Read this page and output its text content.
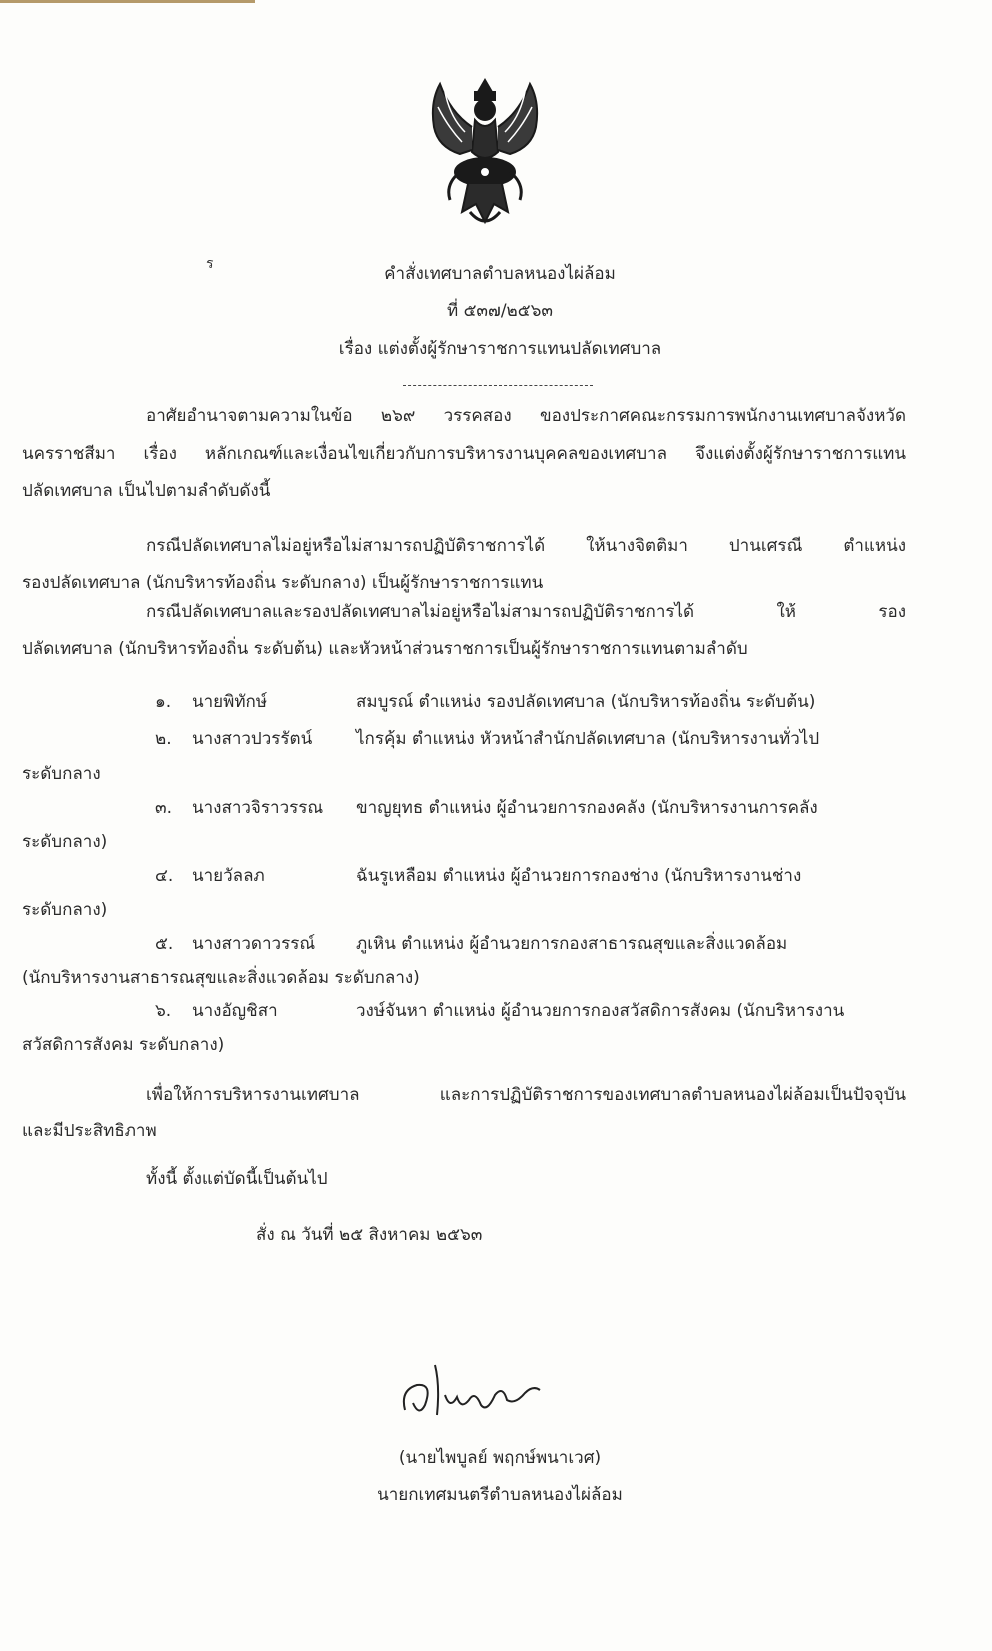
ร	คำสั่งเทศบาลตำบลหนองไผ่ล้อม
ที่ ๕๓๗/๒๕๖๓
เรื่อง แต่งตั้งผู้รักษาราชการแทนปลัดเทศบาล
อาศัยอำนาจตามความในข้อ ๒๖๙ วรรคสอง ของประกาศคณะกรรมการพนักงานเทศบาลจังหวัด
นครราชสีมา เรื่อง หลักเกณฑ์และเงื่อนไขเกี่ยวกับการบริหารงานบุคคลของเทศบาล จึงแต่งตั้งผู้รักษาราชการแทน
ปลัดเทศบาล เป็นไปตามลำดับดังนี้
กรณีปลัดเทศบาลไม่อยู่หรือไม่สามารถปฏิบัติราชการได้ ให้นางจิตติมา ปานเศรณี ตำแหน่ง
รองปลัดเทศบาล (นักบริหารท้องถิ่น ระดับกลาง) เป็นผู้รักษาราชการแทน
กรณีปลัดเทศบาลและรองปลัดเทศบาลไม่อยู่หรือไม่สามารถปฏิบัติราชการได้ ให้ รอง
ปลัดเทศบาล (นักบริหารท้องถิ่น ระดับต้น) และหัวหน้าส่วนราชการเป็นผู้รักษาราชการแทนตามลำดับ
๑. นายพิทักษ์	สมบูรณ์ ตำแหน่ง รองปลัดเทศบาล (นักบริหารท้องถิ่น ระดับต้น)
๒. นางสาวปวรรัตน์	ไกรคุ้ม ตำแหน่ง หัวหน้าสำนักปลัดเทศบาล (นักบริหารงานทั่วไป
ระดับกลาง
๓. นางสาวจิราวรรณ ขาญยุทธ ตำแหน่ง ผู้อำนวยการกองคลัง (นักบริหารงานการคลัง
ระดับกลาง)
๔. นายวัลลภ	ฉันรูเหลือม ตำแหน่ง ผู้อำนวยการกองช่าง (นักบริหารงานช่าง
ระดับกลาง)
๕. นางสาวดาวรรณ์ ภูเหิน ตำแหน่ง ผู้อำนวยการกองสาธารณสุขและสิ่งแวดล้อม
(นักบริหารงานสาธารณสุขและสิ่งแวดล้อม ระดับกลาง)
๖. นางอัญชิสา	วงษ์จันหา ตำแหน่ง ผู้อำนวยการกองสวัสดิการสังคม (นักบริหารงาน
สวัสดิการสังคม ระดับกลาง)
เพื่อให้การบริหารงานเทศบาล และการปฏิบัติราชการของเทศบาลตำบลหนองไผ่ล้อมเป็นปัจจุบัน
และมีประสิทธิภาพ
ทั้งนี้ ตั้งแต่บัดนี้เป็นต้นไป
สั่ง ณ วันที่ ๒๕ สิงหาคม ๒๕๖๓
(นายไพบูลย์ พฤกษ์พนาเวศ)
นายกเทศมนตรีตำบลหนองไผ่ล้อม
